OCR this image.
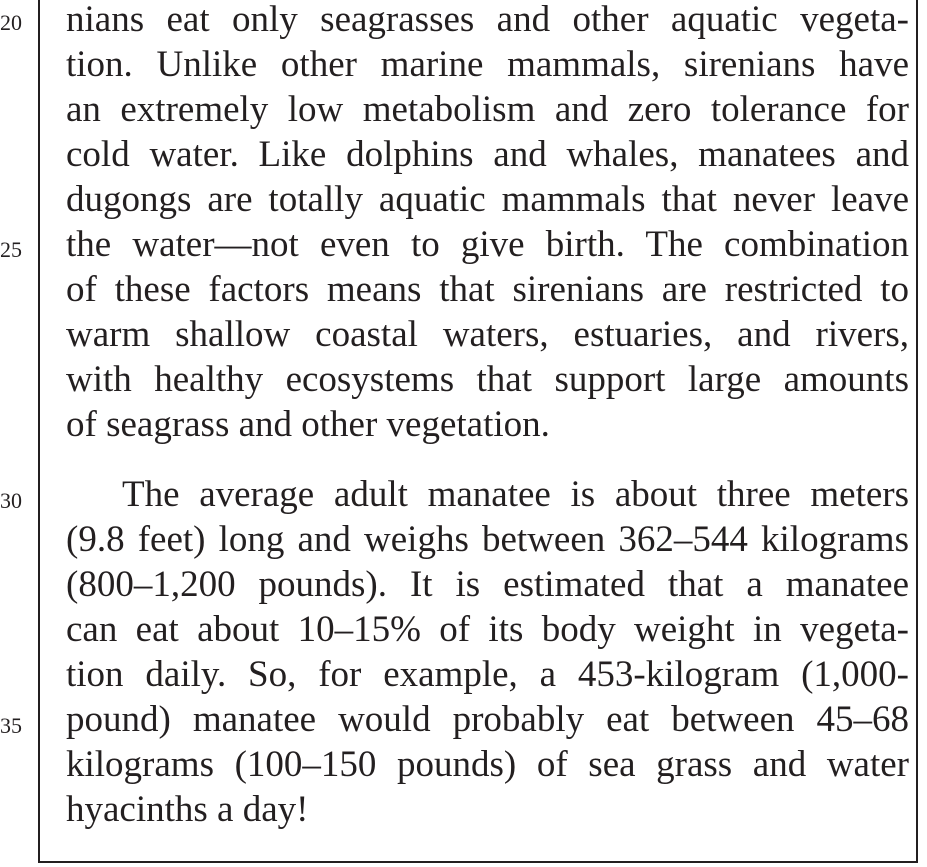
20
25
30
35
nians eat only seagrasses and other aquatic vegeta-
tion. Unlike other marine mammals, sirenians have
an extremely low metabolism and zero tolerance for
cold water. Like dolphins and whales, manatees and
dugongs are totally aquatic mammals that never leave
the water—not even to give birth. The combination
of these factors means that sirenians are restricted to
warm shallow coastal waters, estuaries, and rivers,
with healthy ecosystems that support large amounts
of seagrass and other vegetation.
The average adult manatee is about three meters
(9.8 feet) long and weighs between 362–544 kilograms
(800–1,200 pounds). It is estimated that a manatee
can eat about 10–15% of its body weight in vegeta-
tion daily. So, for example, a 453-kilogram (1,000-
pound) manatee would probably eat between 45–68
kilograms (100–150 pounds) of sea grass and water
hyacinths a day!
